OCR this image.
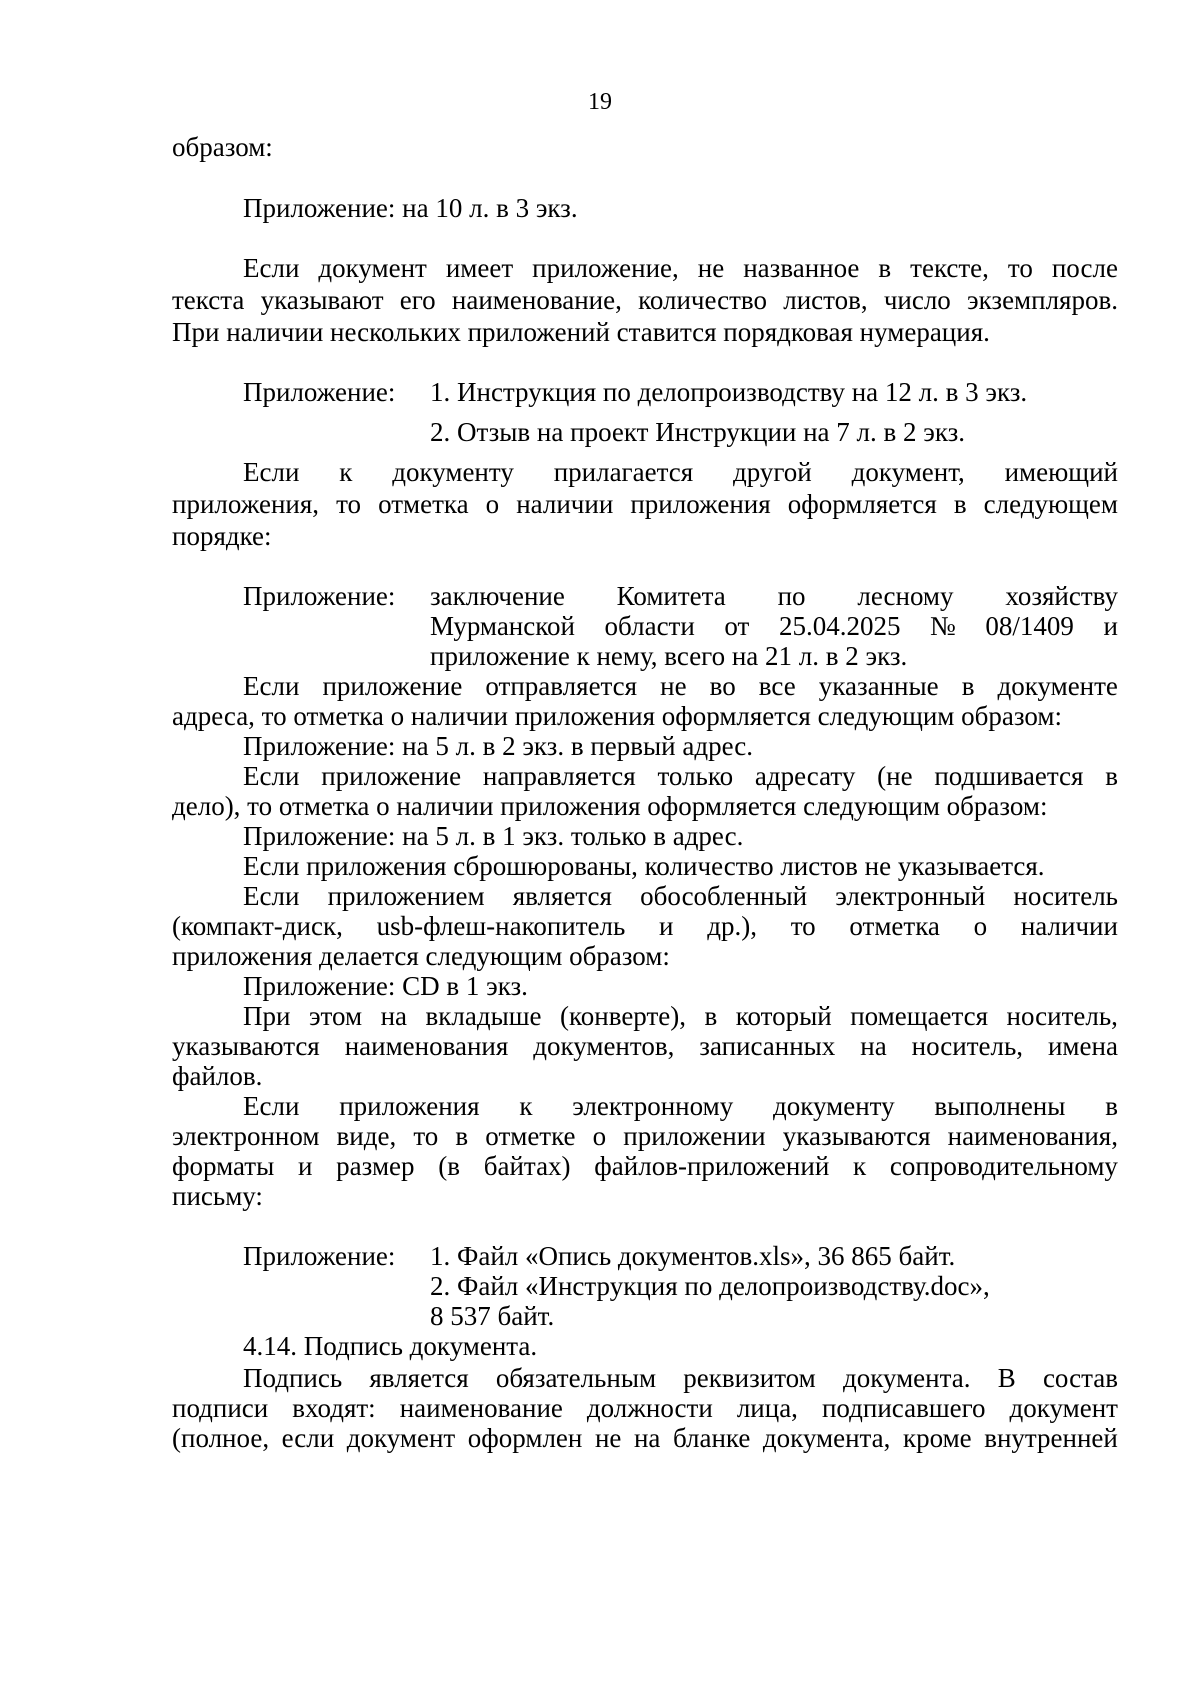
19
образом:
Приложение: на 10 л. в 3 экз.
Если документ имеет приложение, не названное в тексте, то после
текста указывают его наименование, количество листов, число экземпляров.
При наличии нескольких приложений ставится порядковая нумерация.
Приложение: 1. Инструкция по делопроизводству на 12 л. в 3 экз.
2. Отзыв на проект Инструкции на 7 л. в 2 экз.
Если к документу прилагается другой документ, имеющий
приложения, то отметка о наличии приложения оформляется в следующем
порядке:
Приложение: заключение Комитета по лесному хозяйству
Мурманской области от 25.04.2025 № 08/1409 и
приложение к нему, всего на 21 л. в 2 экз.
Если приложение отправляется не во все указанные в документе
адреса, то отметка о наличии приложения оформляется следующим образом:
Приложение: на 5 л. в 2 экз. в первый адрес.
Если приложение направляется только адресату (не подшивается в
дело), то отметка о наличии приложения оформляется следующим образом:
Приложение: на 5 л. в 1 экз. только в адрес.
Если приложения сброшюрованы, количество листов не указывается.
Если приложением является обособленный электронный носитель
(компакт-диск, usb-флеш-накопитель и др.), то отметка о наличии
приложения делается следующим образом:
Приложение: CD в 1 экз.
При этом на вкладыше (конверте), в который помещается носитель,
указываются наименования документов, записанных на носитель, имена
файлов.
Если приложения к электронному документу выполнены в
электронном виде, то в отметке о приложении указываются наименования,
форматы и размер (в байтах) файлов-приложений к сопроводительному
письму:
Приложение: 1. Файл «Опись документов.xls», 36 865 байт.
2. Файл «Инструкция по делопроизводству.doc»,
8 537 байт.
4.14. Подпись документа.
Подпись является обязательным реквизитом документа. В состав
подписи входят: наименование должности лица, подписавшего документ
(полное, если документ оформлен не на бланке документа, кроме внутренней
